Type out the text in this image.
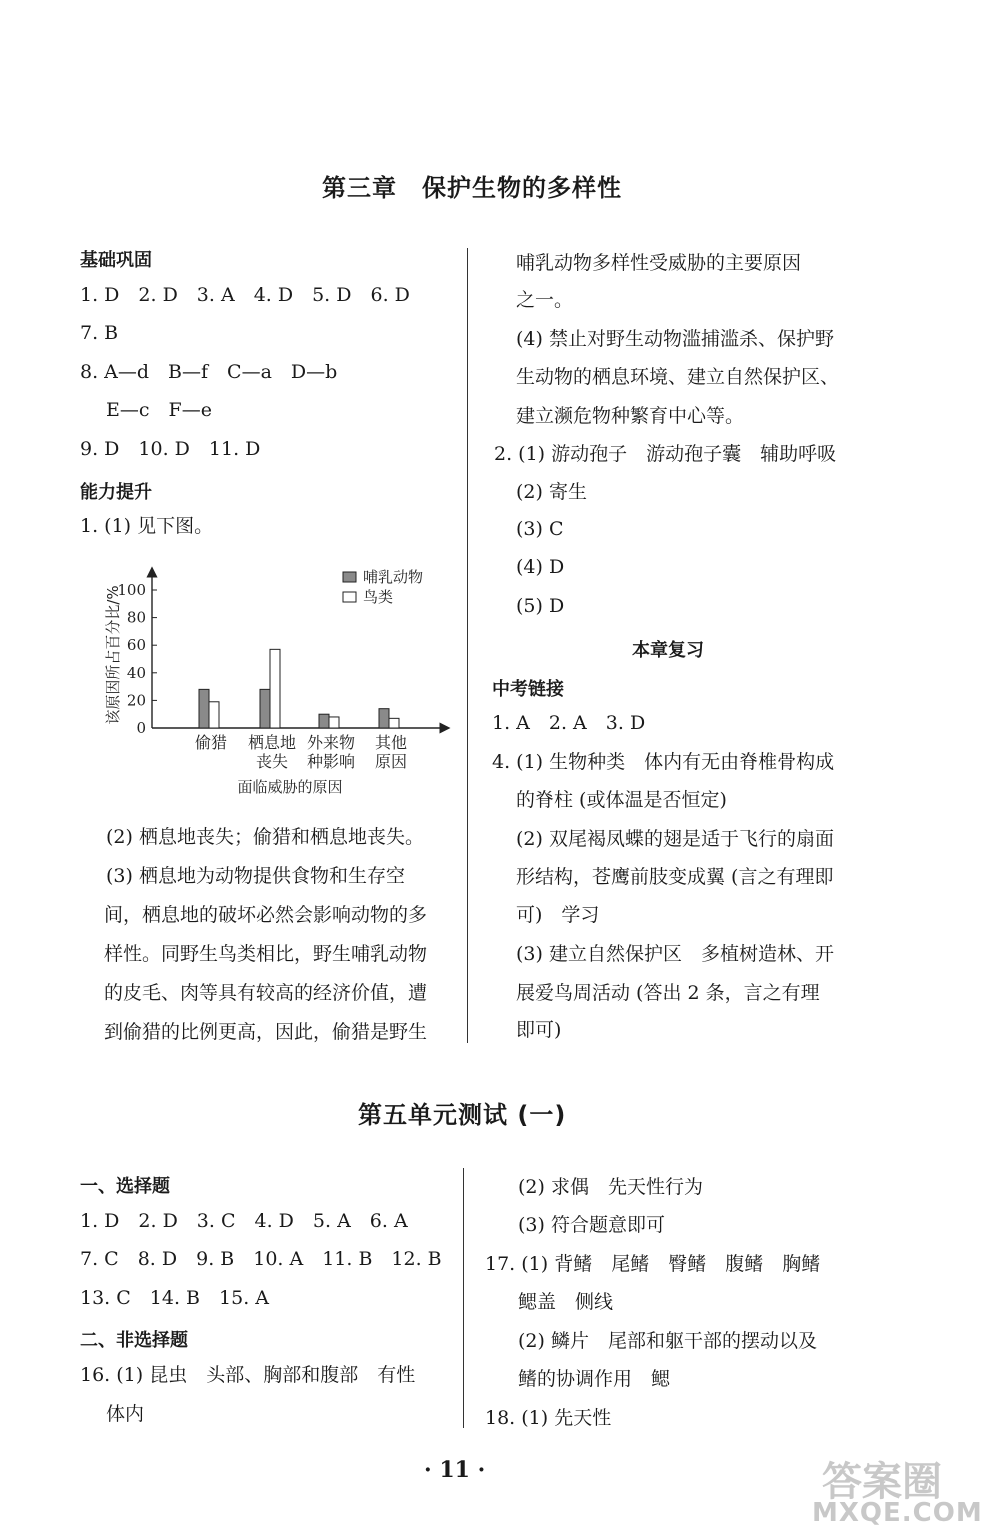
第三章　保护生物的多样性
基础巩固
1. D　2. D　3. A　4. D　5. D　6. D
7. B
8. A—d　B—f　C—a　D—b
E—c　F—e
9. D　10. D　11. D
能力提升
1. (1) 见下图。
0
20
40
60
80
100
该原因所占百分比/%
偷猎 栖息地
丧失
外来物
种影响
其他
原因
面临威胁的原因
哺乳动物
鸟类
(2) 栖息地丧失；偷猎和栖息地丧失。
(3) 栖息地为动物提供食物和生存空
间，栖息地的破坏必然会影响动物的多
样性。同野生鸟类相比，野生哺乳动物
的皮毛、肉等具有较高的经济价值，遭
到偷猎的比例更高，因此，偷猎是野生
哺乳动物多样性受威胁的主要原因
之一。
(4) 禁止对野生动物滥捕滥杀、保护野
生动物的栖息环境、建立自然保护区、
建立濒危物种繁育中心等。
2. (1) 游动孢子　游动孢子囊　辅助呼吸
(2) 寄生
(3) C
(4) D
(5) D
本章复习
中考链接
1. A　2. A　3. D
4. (1) 生物种类　体内有无由脊椎骨构成
的脊柱 (或体温是否恒定)
(2) 双尾褐凤蝶的翅是适于飞行的扇面
形结构，苍鹰前肢变成翼 (言之有理即
可)　学习
(3) 建立自然保护区　多植树造林、开
展爱鸟周活动 (答出 2 条，言之有理
即可)
第五单元测试 (一)
一、选择题
1. D　2. D　3. C　4. D　5. A　6. A
7. C　8. D　9. B　10. A　11. B　12. B
13. C　14. B　15. A
二、非选择题
16. (1) 昆虫　头部、胸部和腹部　有性
体内
(2) 求偶　先天性行为
(3) 符合题意即可
17. (1) 背鳍　尾鳍　臀鳍　腹鳍　胸鳍
鳃盖　侧线
(2) 鳞片　尾部和躯干部的摆动以及
鳍的协调作用　鳃
18. (1) 先天性
· 11 ·	答案圈
MXQE.COM
